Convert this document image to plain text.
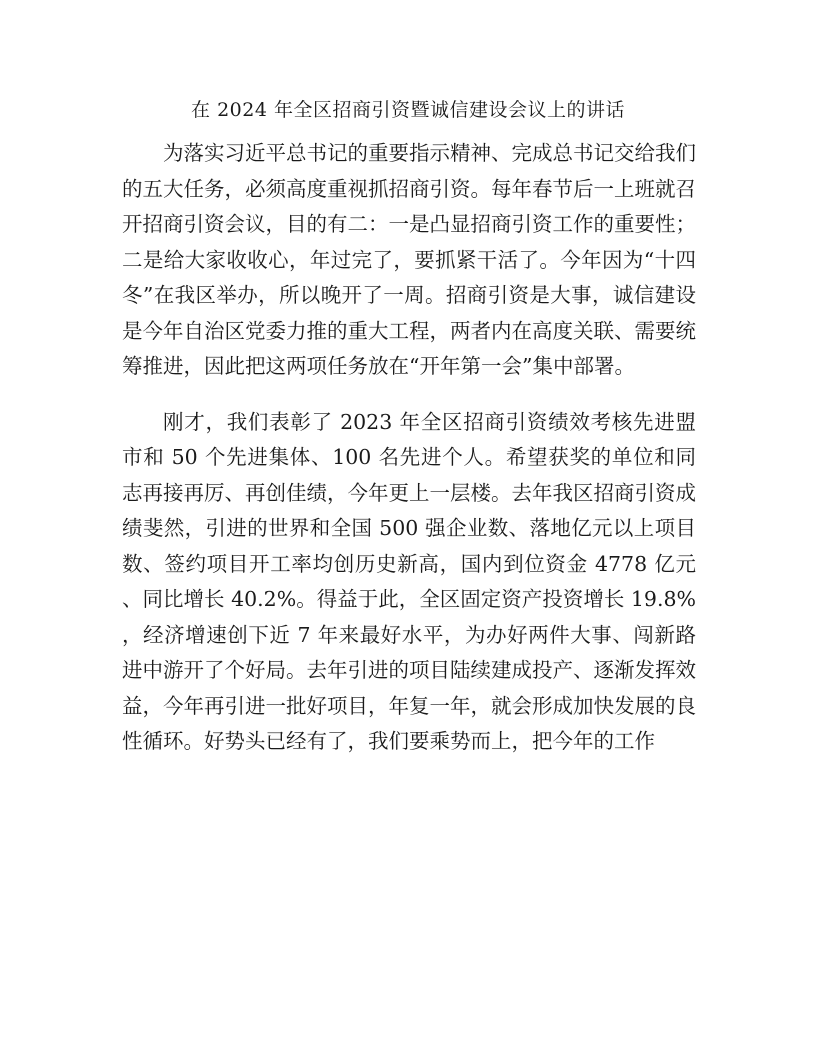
在 2024 年全区招商引资暨诚信建设会议上的讲话

为落实习近平总书记的重要指示精神、完成总书记交给我们的五大任务，必须高度重视抓招商引资。每年春节后一上班就召开招商引资会议，目的有二：一是凸显招商引资工作的重要性；二是给大家收收心，年过完了，要抓紧干活了。今年因为“十四冬”在我区举办，所以晚开了一周。招商引资是大事，诚信建设是今年自治区党委力推的重大工程，两者内在高度关联、需要统筹推进，因此把这两项任务放在“开年第一会”集中部署。

刚才，我们表彰了 2023 年全区招商引资绩效考核先进盟市和 50 个先进集体、100 名先进个人。希望获奖的单位和同志再接再厉、再创佳绩，今年更上一层楼。去年我区招商引资成绩斐然，引进的世界和全国 500 强企业数、落地亿元以上项目数、签约项目开工率均创历史新高，国内到位资金 4778 亿元、同比增长 40.2%。得益于此，全区固定资产投资增长 19.8%，经济增速创下近 7 年来最好水平，为办好两件大事、闯新路进中游开了个好局。去年引进的项目陆续建成投产、逐渐发挥效益，今年再引进一批好项目，年复一年，就会形成加快发展的良性循环。好势头已经有了，我们要乘势而上，把今年的工作
